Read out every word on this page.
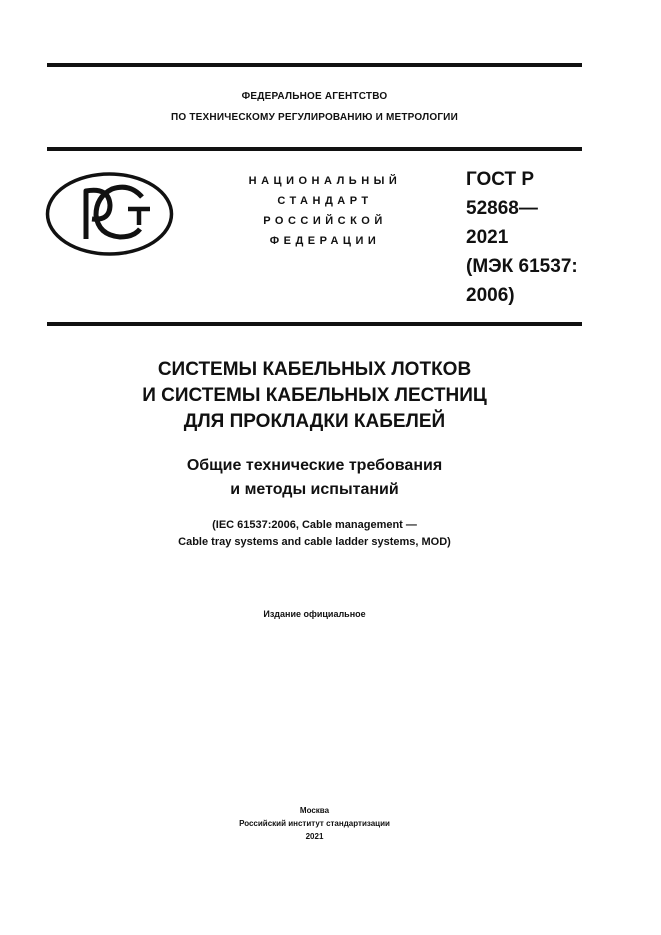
ФЕДЕРАЛЬНОЕ АГЕНТСТВО
ПО ТЕХНИЧЕСКОМУ РЕГУЛИРОВАНИЮ И МЕТРОЛОГИИ
НАЦИОНАЛЬНЫЙ
СТАНДАРТ
РОССИЙСКОЙ
ФЕДЕРАЦИИ
ГОСТ Р
52868—
2021
(МЭК 61537:
2006)
СИСТЕМЫ КАБЕЛЬНЫХ ЛОТКОВ
И СИСТЕМЫ КАБЕЛЬНЫХ ЛЕСТНИЦ
ДЛЯ ПРОКЛАДКИ КАБЕЛЕЙ
Общие технические требования
и методы испытаний
(IEC 61537:2006, Cable management —
Cable tray systems and cable ladder systems, MOD)
Издание официальное
Москва
Российский институт стандартизации
2021
